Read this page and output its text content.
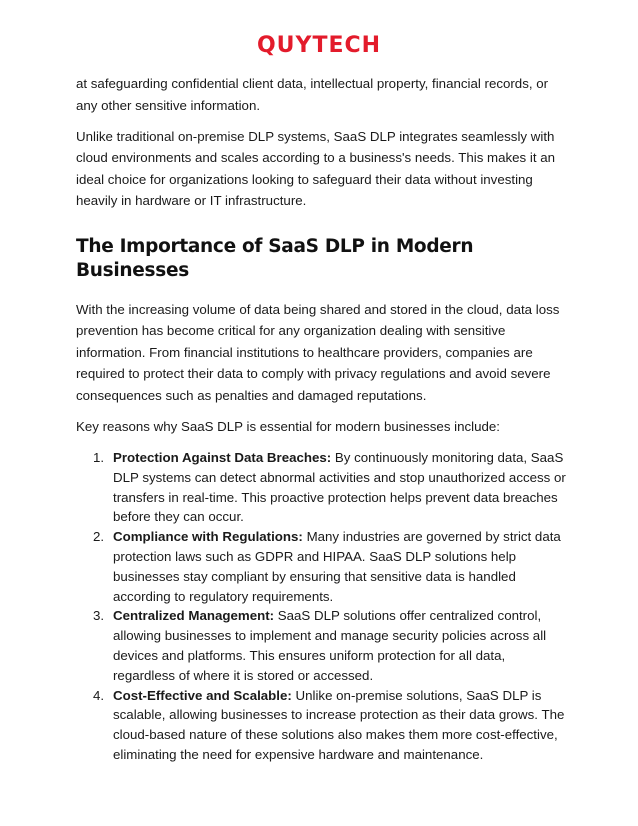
QUYTECH

at safeguarding confidential client data, intellectual property, financial records, or any other sensitive information.

Unlike traditional on-premise DLP systems, SaaS DLP integrates seamlessly with cloud environments and scales according to a business's needs. This makes it an ideal choice for organizations looking to safeguard their data without investing heavily in hardware or IT infrastructure.

The Importance of SaaS DLP in Modern Businesses

With the increasing volume of data being shared and stored in the cloud, data loss prevention has become critical for any organization dealing with sensitive information. From financial institutions to healthcare providers, companies are required to protect their data to comply with privacy regulations and avoid severe consequences such as penalties and damaged reputations.

Key reasons why SaaS DLP is essential for modern businesses include:

1. Protection Against Data Breaches: By continuously monitoring data, SaaS DLP systems can detect abnormal activities and stop unauthorized access or transfers in real-time. This proactive protection helps prevent data breaches before they can occur.
2. Compliance with Regulations: Many industries are governed by strict data protection laws such as GDPR and HIPAA. SaaS DLP solutions help businesses stay compliant by ensuring that sensitive data is handled according to regulatory requirements.
3. Centralized Management: SaaS DLP solutions offer centralized control, allowing businesses to implement and manage security policies across all devices and platforms. This ensures uniform protection for all data, regardless of where it is stored or accessed.
4. Cost-Effective and Scalable: Unlike on-premise solutions, SaaS DLP is scalable, allowing businesses to increase protection as their data grows. The cloud-based nature of these solutions also makes them more cost-effective, eliminating the need for expensive hardware and maintenance.
